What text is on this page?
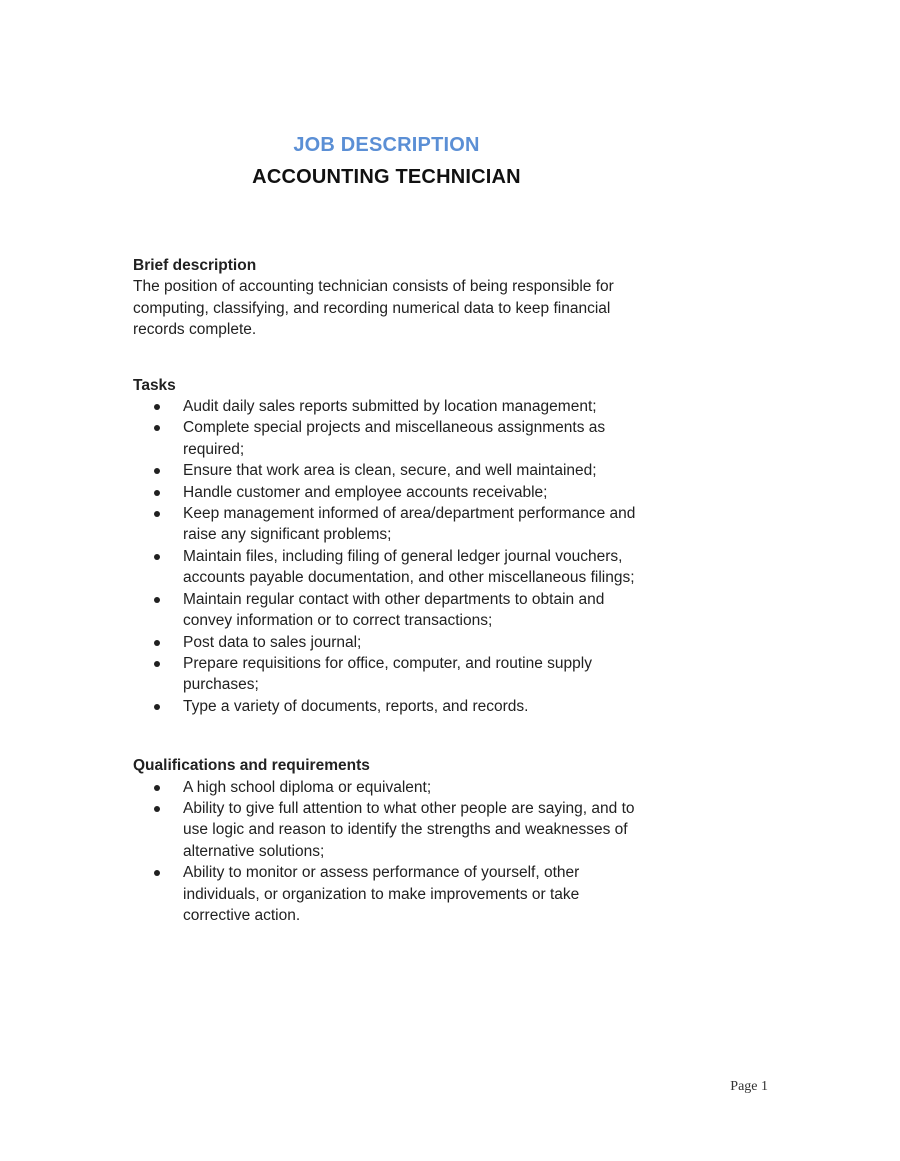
JOB DESCRIPTION
ACCOUNTING TECHNICIAN
Brief description

The position of accounting technician consists of being responsible for computing, classifying, and recording numerical data to keep financial records complete.

Tasks
Audit daily sales reports submitted by location management;
Complete special projects and miscellaneous assignments as required;
Ensure that work area is clean, secure, and well maintained;
Handle customer and employee accounts receivable;
Keep management informed of area/department performance and raise any significant problems;
Maintain files, including filing of general ledger journal vouchers, accounts payable documentation, and other miscellaneous filings;
Maintain regular contact with other departments to obtain and convey information or to correct transactions;
Post data to sales journal;
Prepare requisitions for office, computer, and routine supply purchases;
Type a variety of documents, reports, and records.
Qualifications and requirements
A high school diploma or equivalent;
Ability to give full attention to what other people are saying, and to use logic and reason to identify the strengths and weaknesses of alternative solutions;
Ability to monitor or assess performance of yourself, other individuals, or organization to make improvements or take corrective action.
Page 1
